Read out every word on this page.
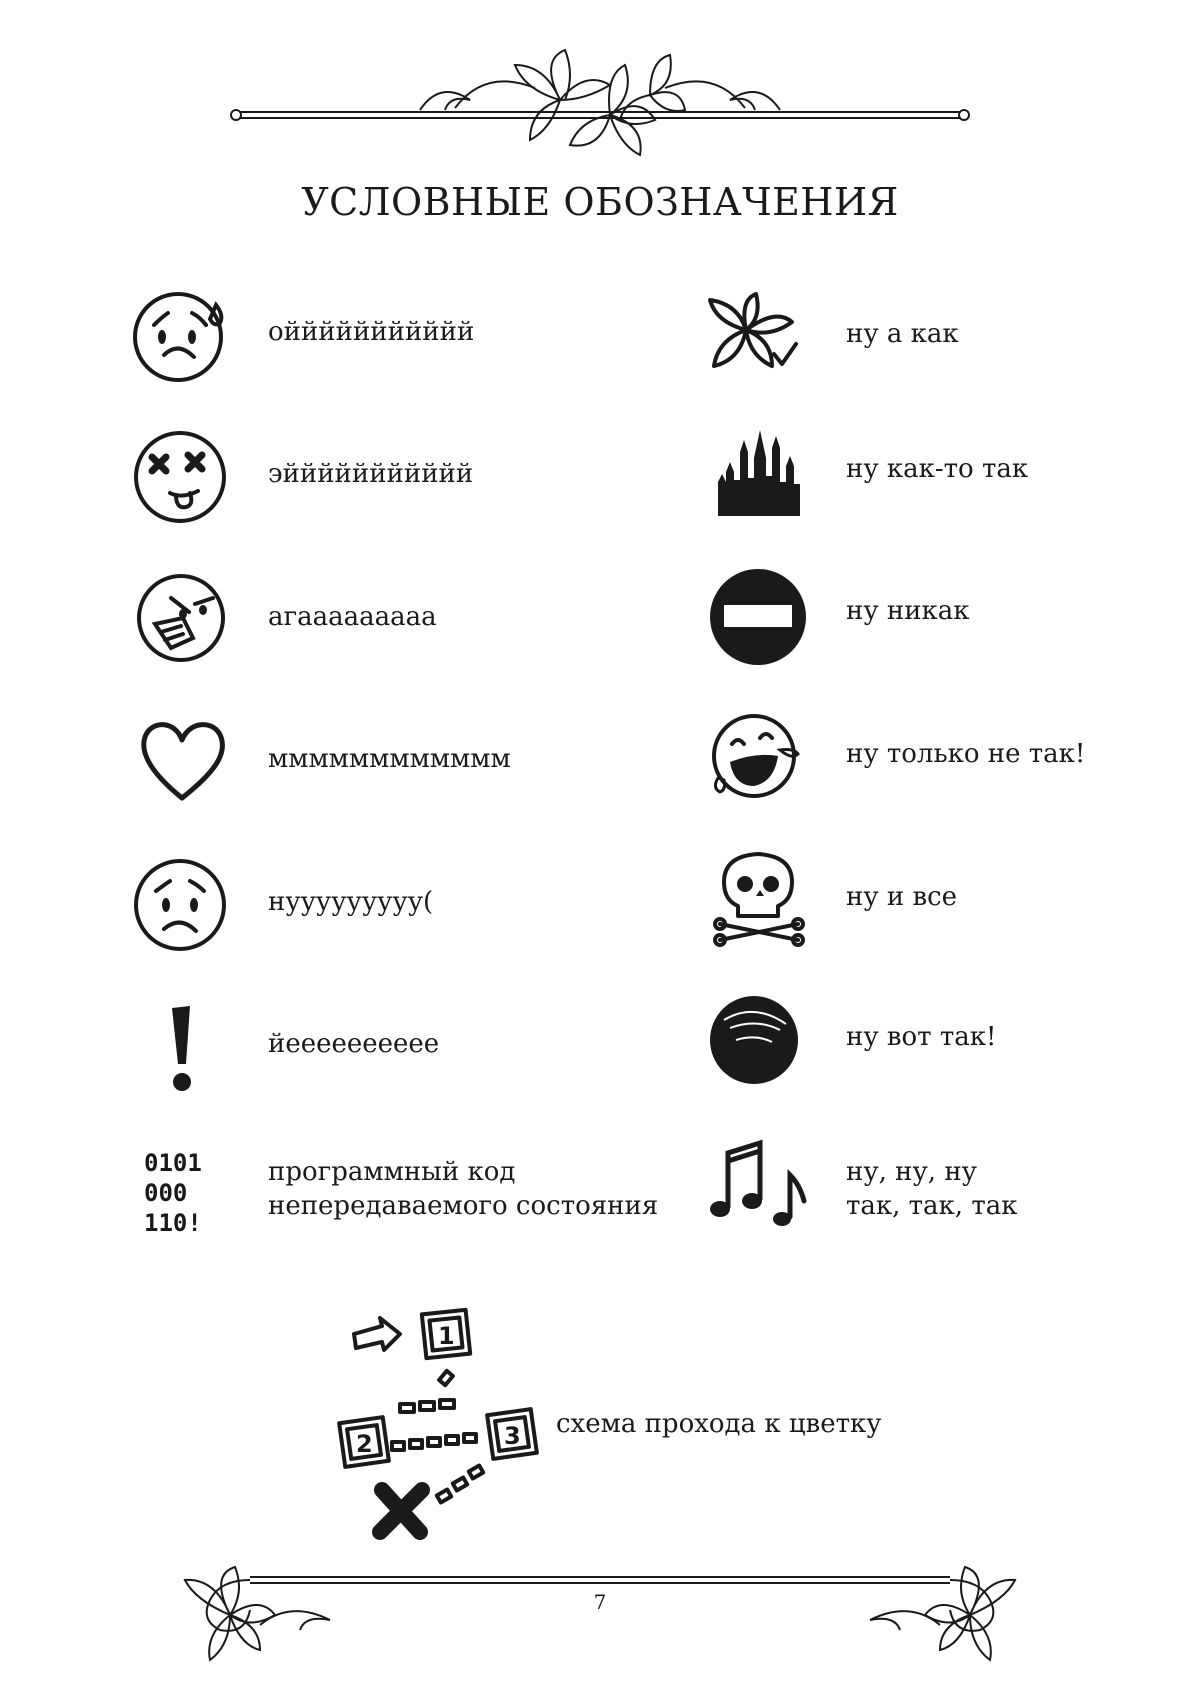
УСЛОВНЫЕ ОБОЗНАЧЕНИЯ
оййййййййййй
эййййййййййй
агааааааааа
мммммммммммм
нууууууууу(
йееееееееее
0101
000
110!
программный код
непередаваемого состояния
ну а как
ну как-то так
ну никак
ну только не так!
ну и все
ну вот так!
ну, ну, ну
так, так, так
1
2	3 схема прохода к цветку
7
